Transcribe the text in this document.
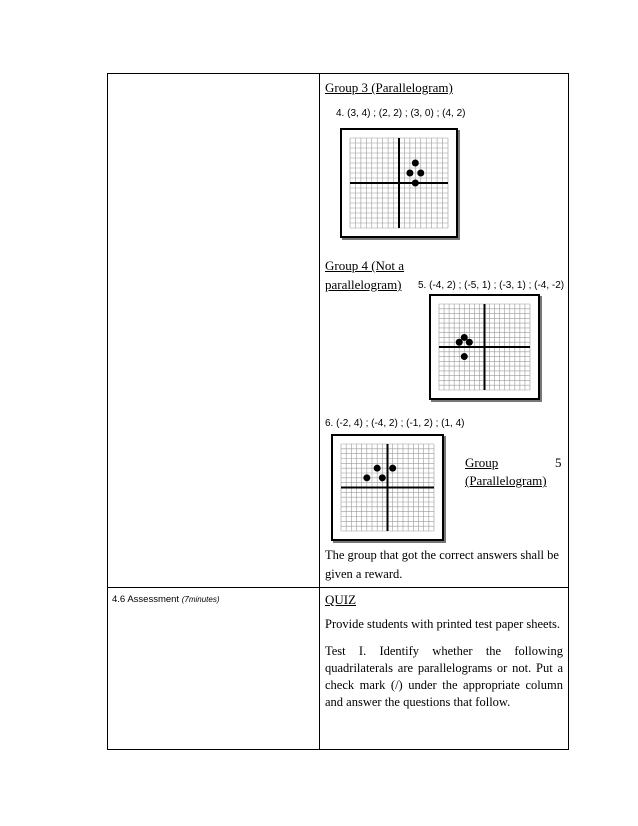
Group 3 (Parallelogram)
4. (3, 4) ; (2, 2) ; (3, 0) ; (4, 2)
Group 4 (Not a
parallelogram) 5. (-4, 2) ; (-5, 1) ; (-3, 1) ; (-4, -2)
6. (-2, 4) ; (-4, 2) ; (-1, 2) ; (1, 4)
Group	5
(Parallelogram)
The group that got the correct answers shall be given a reward.
4.6 Assessment (7minutes)	QUIZ
Provide students with printed test paper sheets.
Test I. Identify whether the following quadrilaterals are parallelograms or not. Put a check mark (/) under the appropriate column and answer the questions that follow.
